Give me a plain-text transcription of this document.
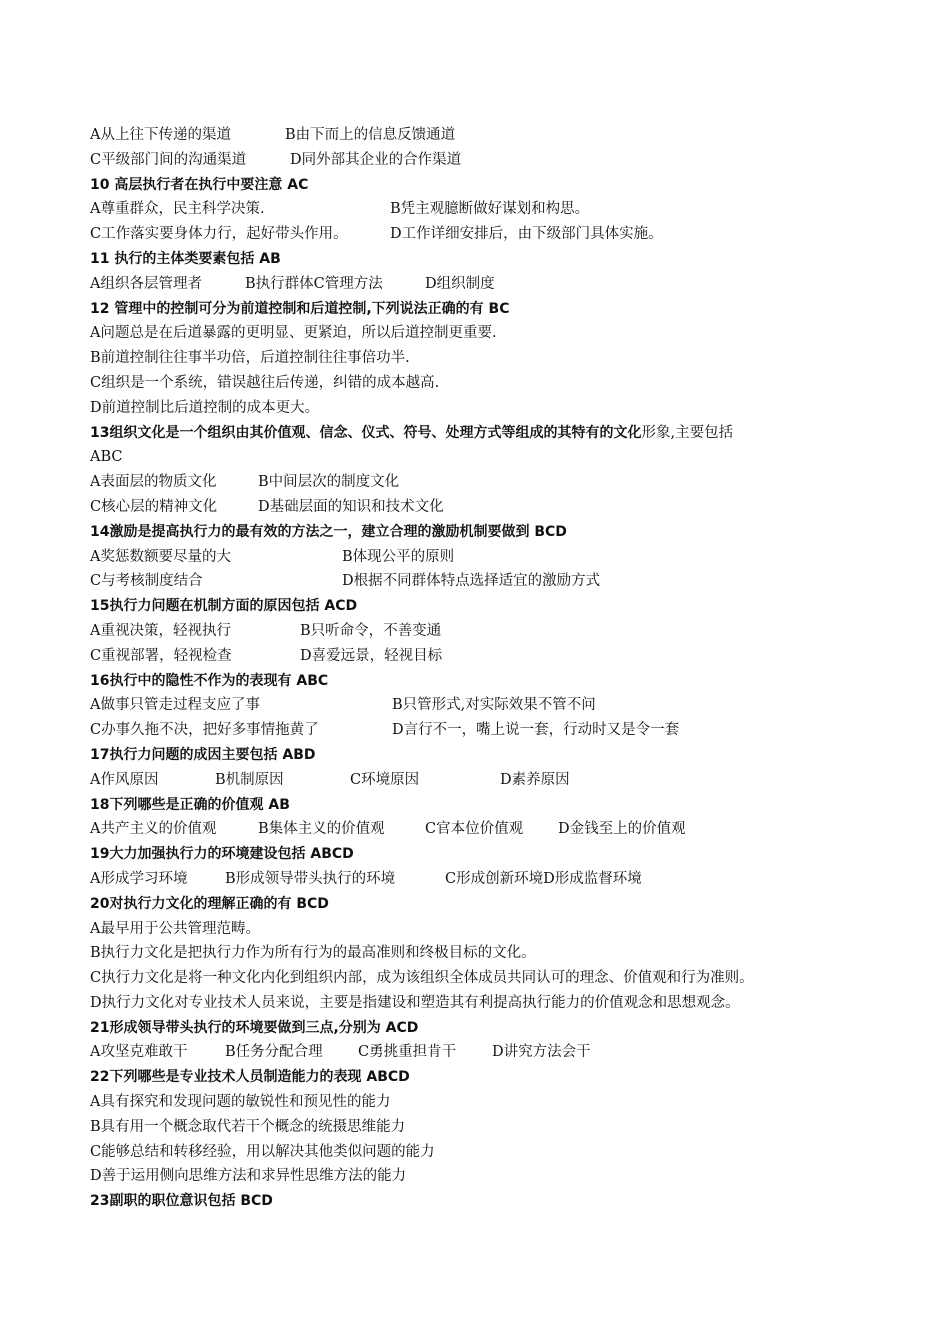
A从上往下传递的渠道	B由下而上的信息反馈通道
C平级部门间的沟通渠道	D同外部其企业的合作渠道
10 高层执行者在执行中要注意 AC
A尊重群众，民主科学决策.	B凭主观臆断做好谋划和构思。
C工作落实要身体力行，起好带头作用。	D工作详细安排后，由下级部门具体实施。
11 执行的主体类要素包括 AB
A组织各层管理者	B执行群体C管理方法	D组织制度
12 管理中的控制可分为前道控制和后道控制,下列说法正确的有 BC
A问题总是在后道暴露的更明显、更紧迫，所以后道控制更重要.
B前道控制往往事半功倍，后道控制往往事倍功半.
C组织是一个系统，错误越往后传递，纠错的成本越高.
D前道控制比后道控制的成本更大。
13组织文化是一个组织由其价值观、信念、仪式、符号、处理方式等组成的其特有的文化形象,主要包括
ABC
A表面层的物质文化	B中间层次的制度文化
C核心层的精神文化	D基础层面的知识和技术文化
14激励是提高执行力的最有效的方法之一，建立合理的激励机制要做到 BCD
A奖惩数额要尽量的大	B体现公平的原则
C与考核制度结合	D根据不同群体特点选择适宜的激励方式
15执行力问题在机制方面的原因包括 ACD
A重视决策，轻视执行	B只听命令，不善变通
C重视部署，轻视检查	D喜爱远景，轻视目标
16执行中的隐性不作为的表现有 ABC
A做事只管走过程支应了事	B只管形式,对实际效果不管不问
C办事久拖不决，把好多事情拖黄了	D言行不一，嘴上说一套，行动时又是令一套
17执行力问题的成因主要包括 ABD
A作风原因	B机制原因	C环境原因	D素养原因
18下列哪些是正确的价值观 AB
A共产主义的价值观	B集体主义的价值观	C官本位价值观 D金钱至上的价值观
19大力加强执行力的环境建设包括 ABCD
A形成学习环境	B形成领导带头执行的环境	C形成创新环境D形成监督环境
20对执行力文化的理解正确的有 BCD
A最早用于公共管理范畴。
B执行力文化是把执行力作为所有行为的最高准则和终极目标的文化。
C执行力文化是将一种文化内化到组织内部，成为该组织全体成员共同认可的理念、价值观和行为准则。
D执行力文化对专业技术人员来说，主要是指建设和塑造其有利提高执行能力的价值观念和思想观念。
21形成领导带头执行的环境要做到三点,分别为 ACD
A攻坚克难敢干	B任务分配合理 C勇挑重担肯干 D讲究方法会干
22下列哪些是专业技术人员制造能力的表现 ABCD
A具有探究和发现问题的敏锐性和预见性的能力
B具有用一个概念取代若干个概念的统摄思维能力
C能够总结和转移经验，用以解决其他类似问题的能力
D善于运用侧向思维方法和求异性思维方法的能力
23副职的职位意识包括 BCD
